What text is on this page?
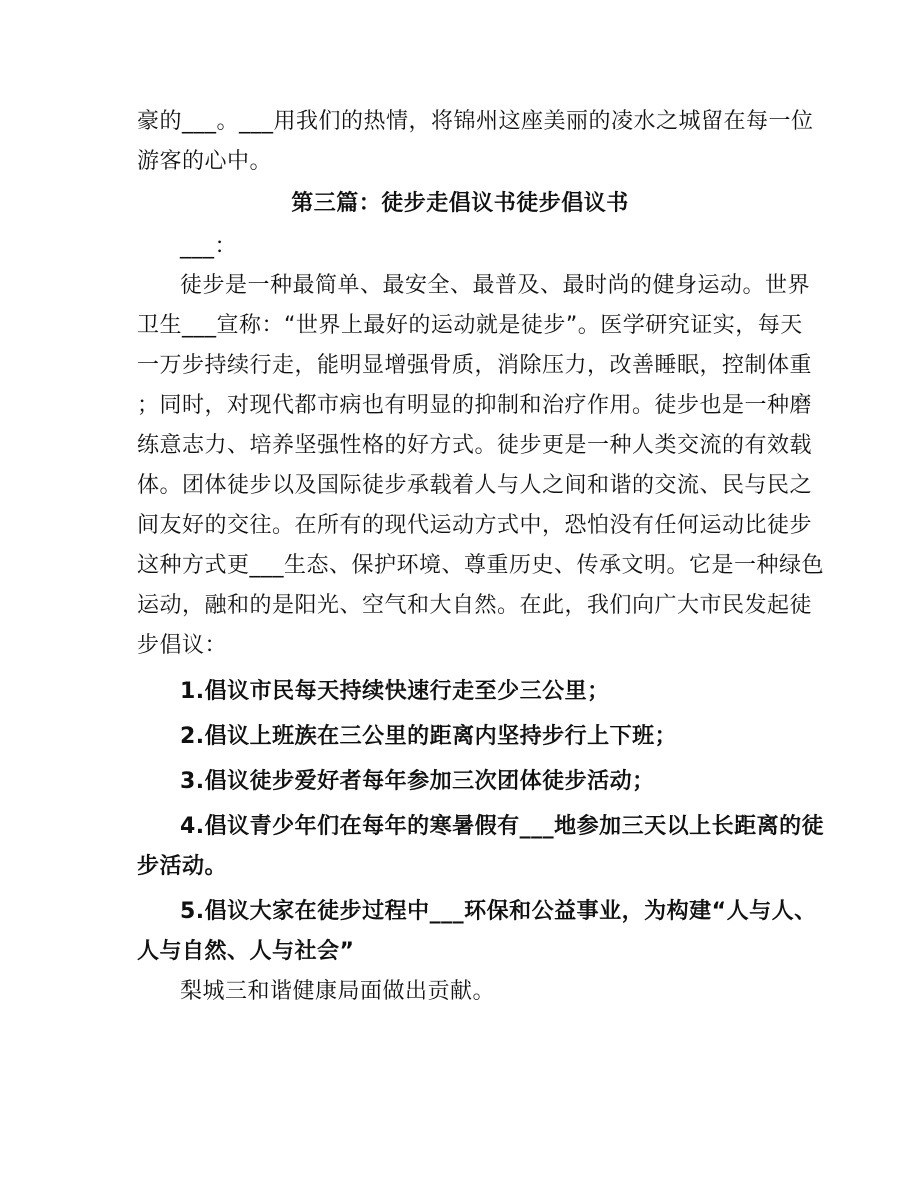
豪的___。___用我们的热情，将锦州这座美丽的凌水之城留在每一位
游客的心中。
第三篇：徒步走倡议书徒步倡议书
___：
徒步是一种最简单、最安全、最普及、最时尚的健身运动。世界
卫生___宣称：“世界上最好的运动就是徒步”。医学研究证实，每天
一万步持续行走，能明显增强骨质，消除压力，改善睡眠，控制体重
；同时，对现代都市病也有明显的抑制和治疗作用。徒步也是一种磨
练意志力、培养坚强性格的好方式。徒步更是一种人类交流的有效载
体。团体徒步以及国际徒步承载着人与人之间和谐的交流、民与民之
间友好的交往。在所有的现代运动方式中，恐怕没有任何运动比徒步
这种方式更___生态、保护环境、尊重历史、传承文明。它是一种绿色
运动，融和的是阳光、空气和大自然。在此，我们向广大市民发起徒
步倡议：
1.倡议市民每天持续快速行走至少三公里；
2.倡议上班族在三公里的距离内坚持步行上下班；
3.倡议徒步爱好者每年参加三次团体徒步活动；
4.倡议青少年们在每年的寒暑假有___地参加三天以上长距离的徒
步活动。
5.倡议大家在徒步过程中___环保和公益事业，为构建“人与人、
人与自然、人与社会”
梨城三和谐健康局面做出贡献。
